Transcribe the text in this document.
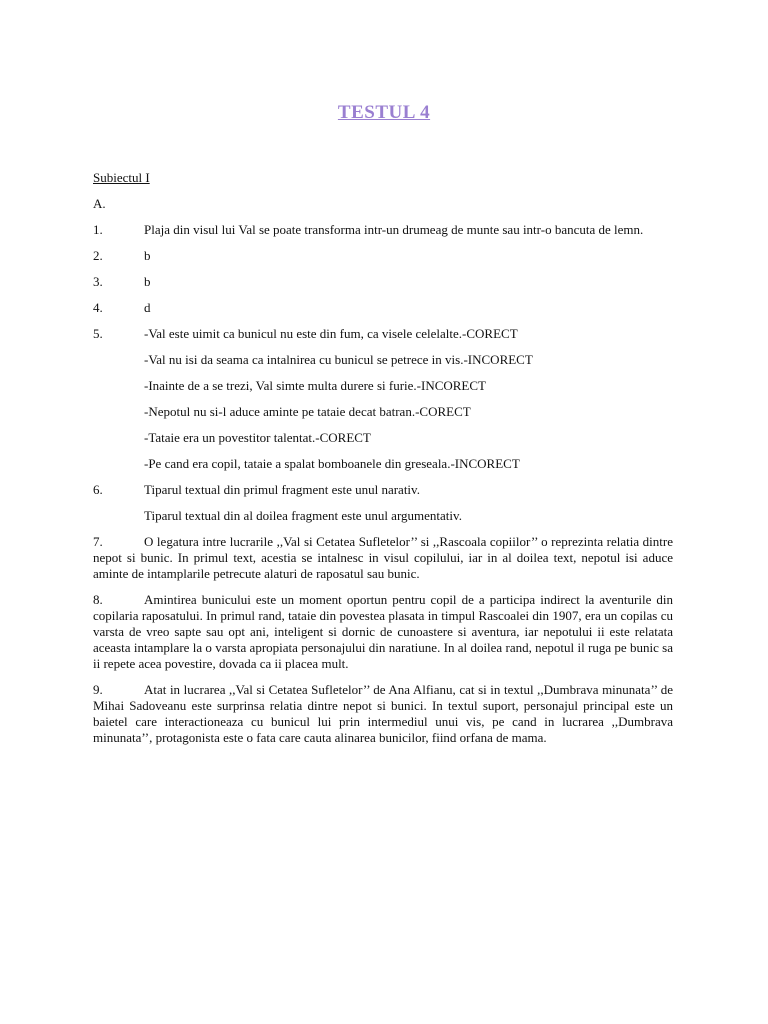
TESTUL 4
Subiectul I
A.
1.	Plaja din visul lui Val se poate transforma intr-un drumeag de munte sau intr-o bancuta de lemn.
2.	b
3.	b
4.	d
5.	-Val este uimit ca bunicul nu este din fum, ca visele celelalte.-CORECT
-Val nu isi da seama ca intalnirea cu bunicul se petrece in vis.-INCORECT
-Inainte de a se trezi, Val simte multa durere si furie.-INCORECT
-Nepotul nu si-l aduce aminte pe tataie decat batran.-CORECT
-Tataie era un povestitor talentat.-CORECT
-Pe cand era copil, tataie a spalat bomboanele din greseala.-INCORECT
6.	Tiparul textual din primul fragment este unul narativ.
Tiparul textual din al doilea fragment este unul argumentativ.
7.	O legatura intre lucrarile ,,Val si Cetatea Sufletelor’’ si ,,Rascoala copiilor’’ o reprezinta relatia dintre nepot si bunic. In primul text, acestia se intalnesc in visul copilului, iar in al doilea text, nepotul isi aduce aminte de intamplarile petrecute alaturi de raposatul sau bunic.
8.	Amintirea bunicului este un moment oportun pentru copil de a participa indirect la aventurile din copilaria raposatului. In primul rand, tataie din povestea plasata in timpul Rascoalei din 1907, era un copilas cu varsta de vreo sapte sau opt ani, inteligent si dornic de cunoastere si aventura, iar nepotului ii este relatata aceasta intamplare la o varsta apropiata personajului din naratiune. In al doilea rand, nepotul il ruga pe bunic sa ii repete acea povestire, dovada ca ii placea mult.
9.	Atat in lucrarea ,,Val si Cetatea Sufletelor’’ de Ana Alfianu, cat si in textul ,,Dumbrava minunata’’ de Mihai Sadoveanu este surprinsa relatia dintre nepot si bunici. In textul suport, personajul principal este un baietel care interactioneaza cu bunicul lui prin intermediul unui vis, pe cand in lucrarea ,,Dumbrava minunata’’, protagonista este o fata care cauta alinarea bunicilor, fiind orfana de mama.
